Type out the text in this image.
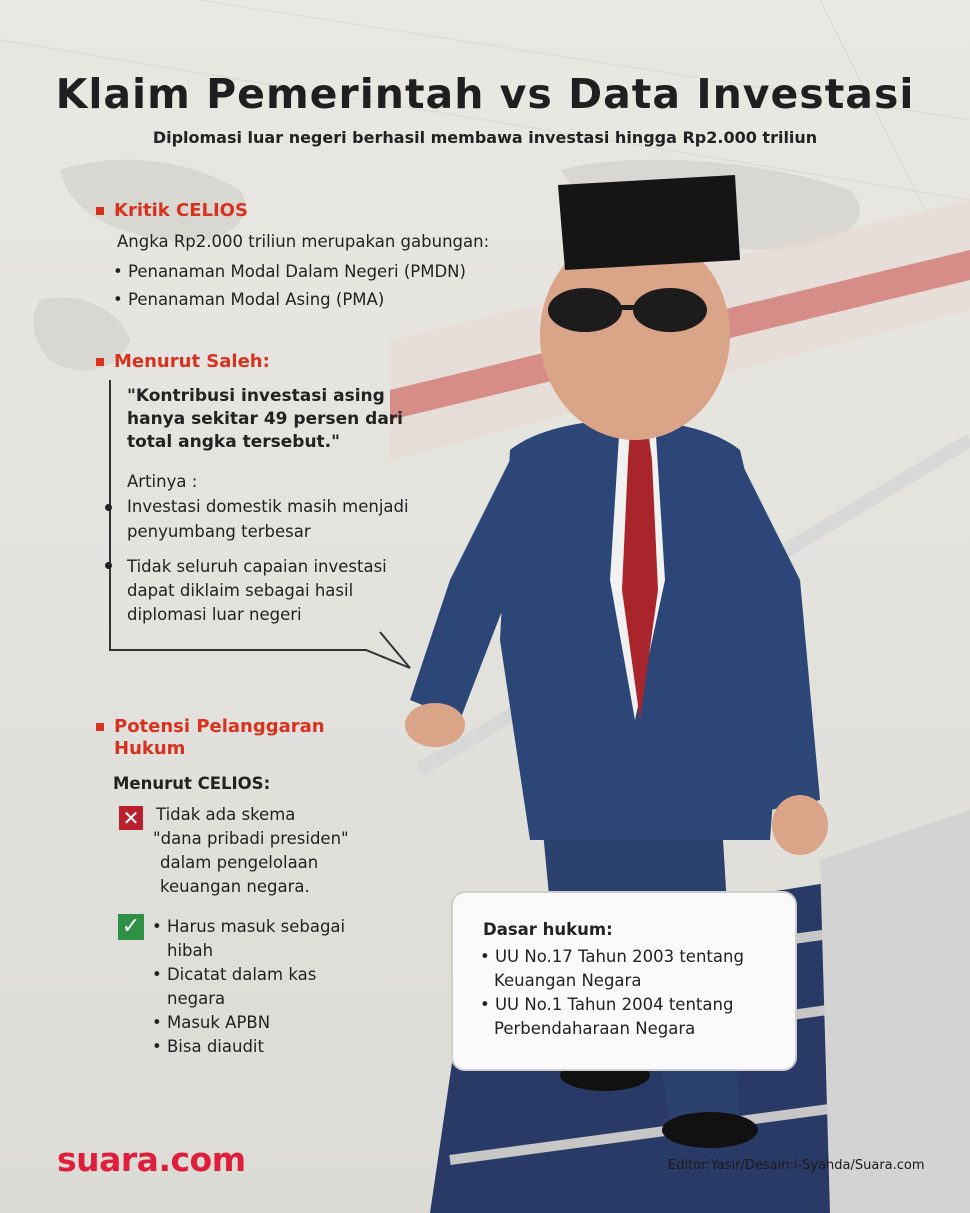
Klaim Pemerintah vs Data Investasi
Diplomasi luar negeri berhasil membawa investasi hingga Rp2.000 triliun
Kritik CELIOS
Angka Rp2.000 triliun merupakan gabungan:
• Penanaman Modal Dalam Negeri (PMDN)
• Penanaman Modal Asing (PMA)
Menurut Saleh:
"Kontribusi investasi asing
hanya sekitar 49 persen dari
total angka tersebut."
Artinya :
Investasi domestik masih menjadi
penyumbang terbesar
Tidak seluruh capaian investasi
dapat diklaim sebagai hasil
diplomasi luar negeri
Potensi Pelanggaran
Hukum
Menurut CELIOS:
✕ Tidak ada skema
"dana pribadi presiden"
dalam pengelolaan
keuangan negara.
✓ • Harus masuk sebagai
hibah
• Dicatat dalam kas
negara
• Masuk APBN
• Bisa diaudit
Dasar hukum:
• UU No.17 Tahun 2003 tentang
Keuangan Negara
• UU No.1 Tahun 2004 tentang
Perbendaharaan Negara
suara.com	Editor:Yasir/Desain:i-Syahda/Suara.com
